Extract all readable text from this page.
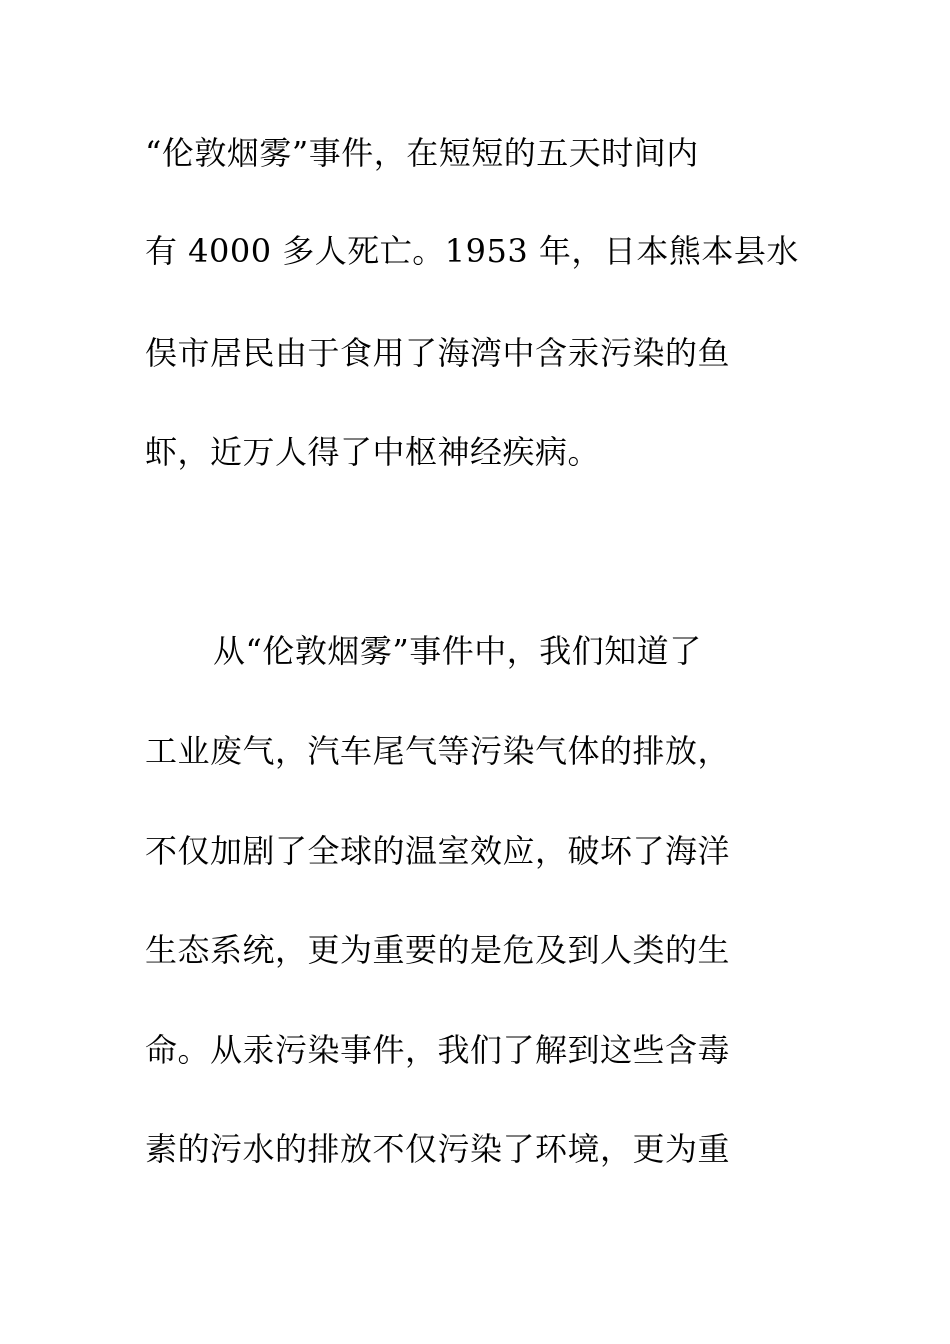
“伦敦烟雾”事件，在短短的五天时间内
有 4000 多人死亡。1953 年，日本熊本县水
俣市居民由于食用了海湾中含汞污染的鱼
虾，近万人得了中枢神经疾病。
从“伦敦烟雾”事件中，我们知道了
工业废气，汽车尾气等污染气体的排放，
不仅加剧了全球的温室效应，破坏了海洋
生态系统，更为重要的是危及到人类的生
命。从汞污染事件，我们了解到这些含毒
素的污水的排放不仅污染了环境，更为重
